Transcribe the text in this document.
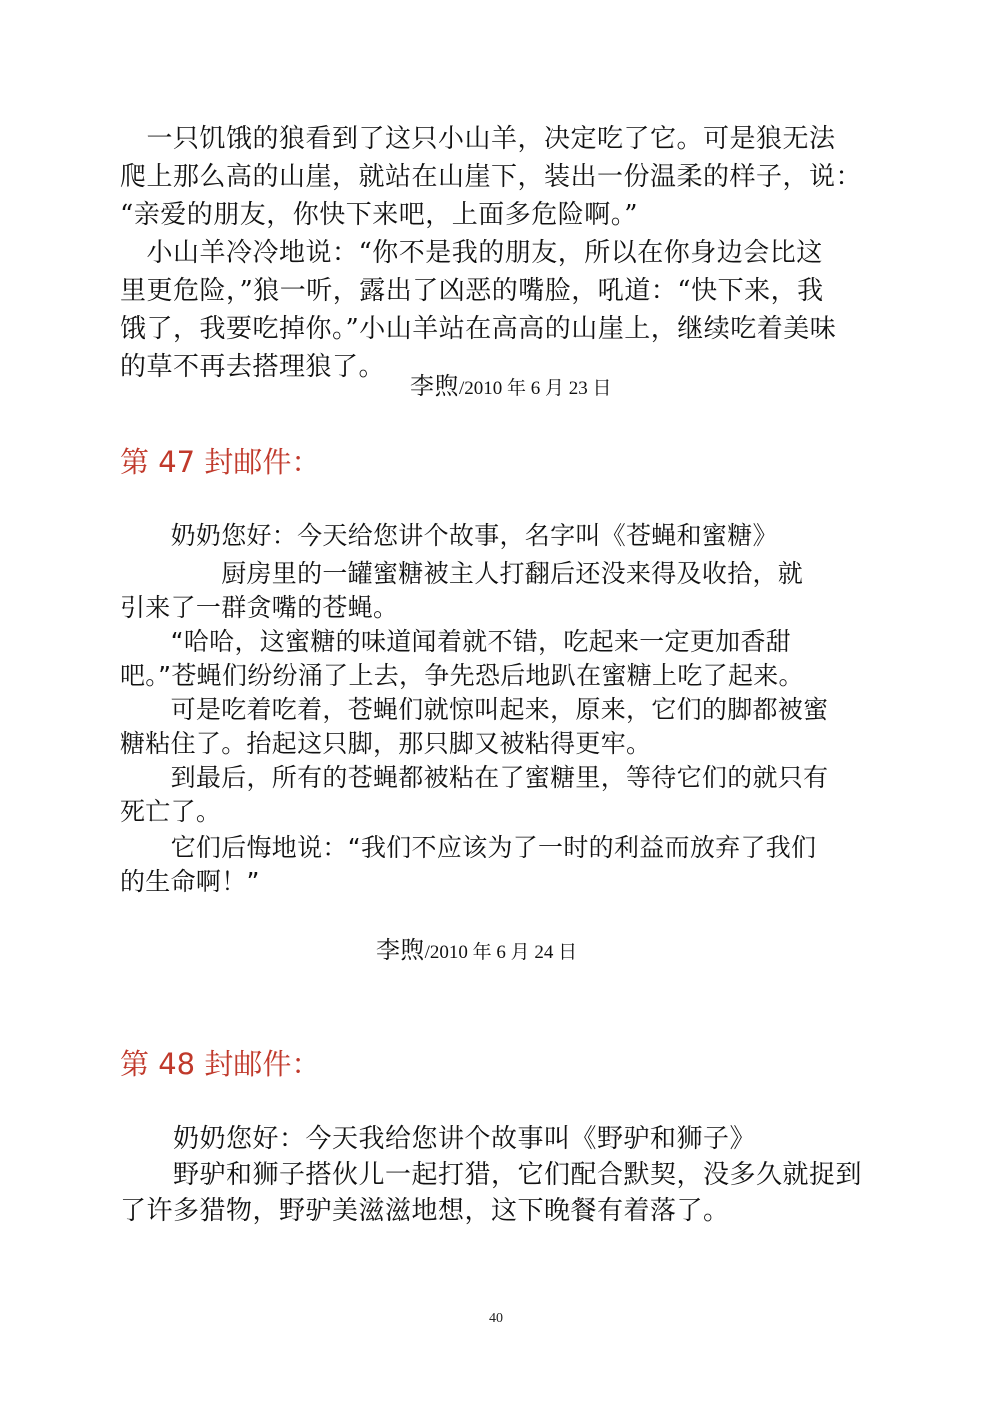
　一只饥饿的狼看到了这只小山羊，决定吃了它。可是狼无法
爬上那么高的山崖，就站在山崖下，装出一份温柔的样子，说：
“亲爱的朋友，你快下来吧，上面多危险啊。”
　小山羊冷冷地说：“你不是我的朋友，所以在你身边会比这
里更危险，”狼一听，露出了凶恶的嘴脸，吼道：“快下来，我
饿了，我要吃掉你。”小山羊站在高高的山崖上，继续吃着美味
的草不再去搭理狼了。
李煦/2010 年 6 月 23 日
第 47 封邮件：
　　奶奶您好：今天给您讲个故事，名字叫《苍蝇和蜜糖》
　　　　厨房里的一罐蜜糖被主人打翻后还没来得及收拾，就
引来了一群贪嘴的苍蝇。
　　“哈哈，这蜜糖的味道闻着就不错，吃起来一定更加香甜
吧。”苍蝇们纷纷涌了上去，争先恐后地趴在蜜糖上吃了起来。
　　可是吃着吃着，苍蝇们就惊叫起来，原来，它们的脚都被蜜
糖粘住了。抬起这只脚，那只脚又被粘得更牢。
　　到最后，所有的苍蝇都被粘在了蜜糖里，等待它们的就只有
死亡了。
　　它们后悔地说：“我们不应该为了一时的利益而放弃了我们
的生命啊！”
李煦/2010 年 6 月 24 日
第 48 封邮件：
　　奶奶您好：今天我给您讲个故事叫《野驴和狮子》
　　野驴和狮子搭伙儿一起打猎，它们配合默契，没多久就捉到
了许多猎物，野驴美滋滋地想，这下晚餐有着落了。
40
